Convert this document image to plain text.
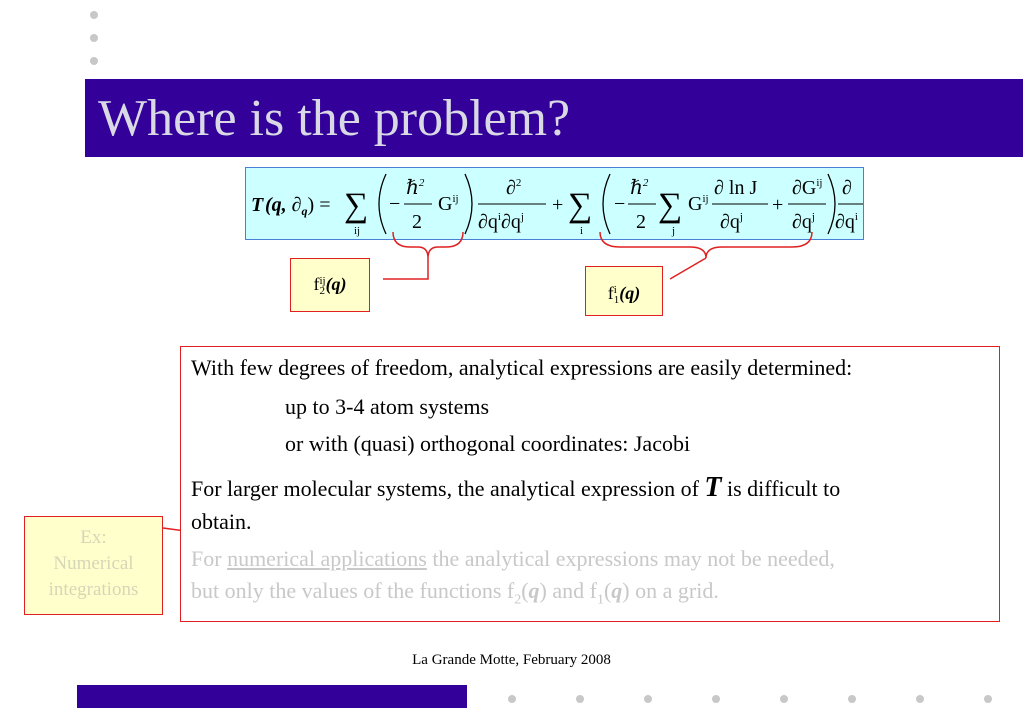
Where is the problem?
T (q, $\partial_q$) = ∑
ij
−
ℏ$^2$
2
$G^{ij}$ ∂$^2$
$\partial q^i\partial q^j$
+ ∑
i
−
ℏ$^2$
2 ∑
j
$G^{ij}$ ∂ ln J
$\partial q^j$
+
$\partial G^{ij}$
$\partial q^j$
∂
$\partial q^i$
fij
2(q)	fi
1(q)
With few degrees of freedom, analytical expressions are easily determined:
up to 3-4 atom systems
or with (quasi) orthogonal coordinates: Jacobi
For larger molecular systems, the analytical expression of T is difficult to
obtain.
For numerical applications the analytical expressions may not be needed,
but only the values of the functions $f_2(q)$ and $f_1(q)$ on a grid.
Ex:
Numerical
integrations
La Grande Motte, February 2008
